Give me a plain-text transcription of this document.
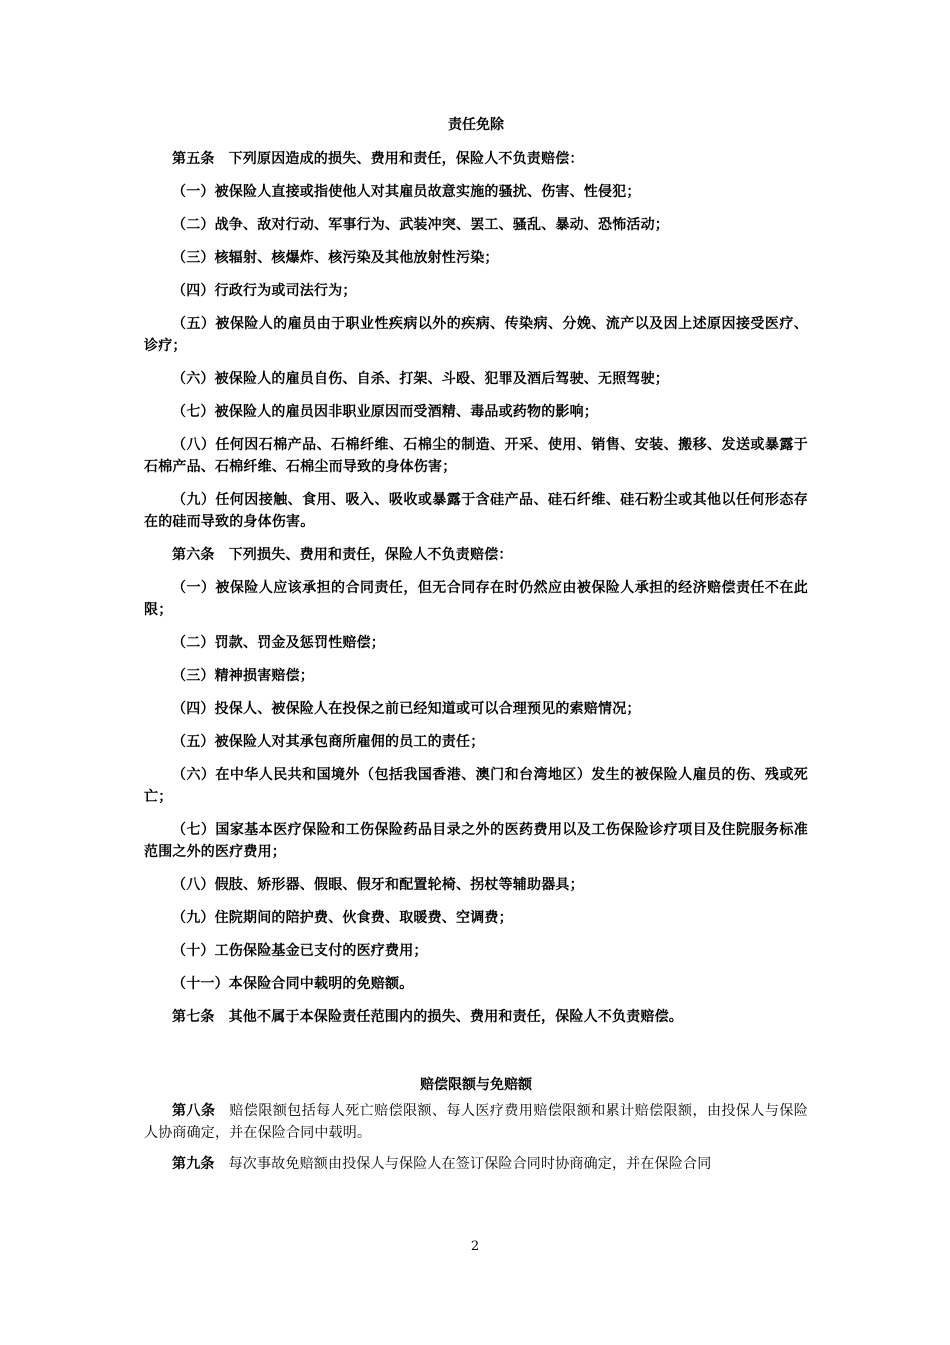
责任免除

第五条 下列原因造成的损失、费用和责任，保险人不负责赔偿：

（一）被保险人直接或指使他人对其雇员故意实施的骚扰、伤害、性侵犯；

（二）战争、敌对行动、军事行为、武装冲突、罢工、骚乱、暴动、恐怖活动；

（三）核辐射、核爆炸、核污染及其他放射性污染；

（四）行政行为或司法行为；

（五）被保险人的雇员由于职业性疾病以外的疾病、传染病、分娩、流产以及因上述原因接受医疗、诊疗；

（六）被保险人的雇员自伤、自杀、打架、斗殴、犯罪及酒后驾驶、无照驾驶；

（七）被保险人的雇员因非职业原因而受酒精、毒品或药物的影响；

（八）任何因石棉产品、石棉纤维、石棉尘的制造、开采、使用、销售、安装、搬移、发送或暴露于石棉产品、石棉纤维、石棉尘而导致的身体伤害；

（九）任何因接触、食用、吸入、吸收或暴露于含硅产品、硅石纤维、硅石粉尘或其他以任何形态存在的硅而导致的身体伤害。

第六条 下列损失、费用和责任，保险人不负责赔偿：

（一）被保险人应该承担的合同责任，但无合同存在时仍然应由被保险人承担的经济赔偿责任不在此限；

（二）罚款、罚金及惩罚性赔偿；

（三）精神损害赔偿；

（四）投保人、被保险人在投保之前已经知道或可以合理预见的索赔情况；

（五）被保险人对其承包商所雇佣的员工的责任；

（六）在中华人民共和国境外（包括我国香港、澳门和台湾地区）发生的被保险人雇员的伤、残或死亡；

（七）国家基本医疗保险和工伤保险药品目录之外的医药费用以及工伤保险诊疗项目及住院服务标准范围之外的医疗费用；

（八）假肢、矫形器、假眼、假牙和配置轮椅、拐杖等辅助器具；

（九）住院期间的陪护费、伙食费、取暖费、空调费；

（十）工伤保险基金已支付的医疗费用；

（十一）本保险合同中载明的免赔额。

第七条 其他不属于本保险责任范围内的损失、费用和责任，保险人不负责赔偿。

赔偿限额与免赔额

第八条 赔偿限额包括每人死亡赔偿限额、每人医疗费用赔偿限额和累计赔偿限额，由投保人与保险人协商确定，并在保险合同中载明。

第九条 每次事故免赔额由投保人与保险人在签订保险合同时协商确定，并在保险合同

2
